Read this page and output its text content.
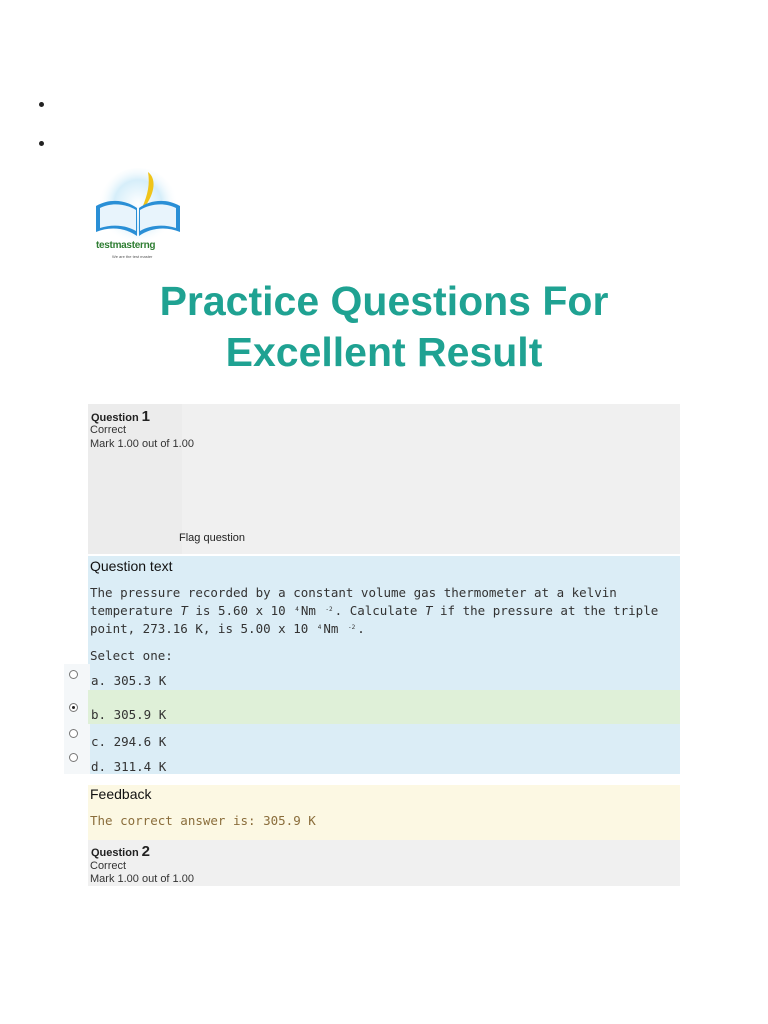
testmasterng
We are the test master
Practice Questions For
Excellent Result
Question 1
Correct
Mark 1.00 out of 1.00
Flag question
Question text
The pressure recorded by a constant volume gas thermometer at a kelvin temperature T is 5.60 x 10 $^4$ Nm $^{-2}$ . Calculate T if the pressure at the triple point, 273.16 K, is 5.00 x 10 $^4$ Nm $^{-2}$ .
Select one:
a. 305.3 K
b. 305.9 K
c. 294.6 K
d. 311.4 K
Feedback
The correct answer is: 305.9 K
Question 2
Correct
Mark 1.00 out of 1.00
